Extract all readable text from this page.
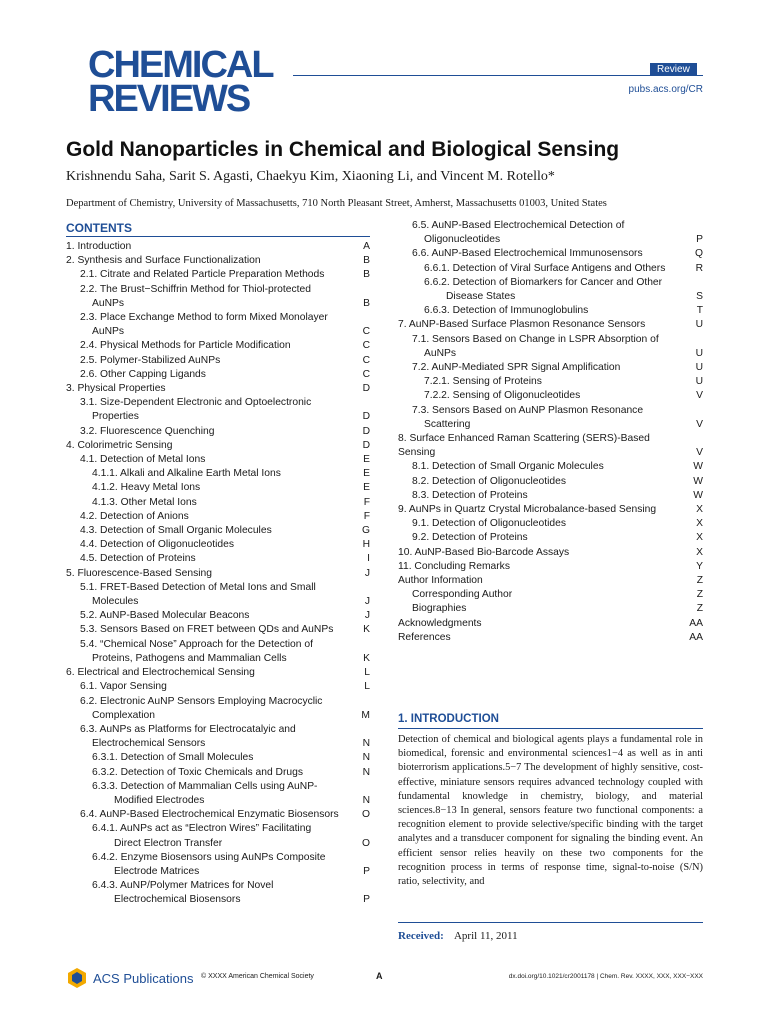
CHEMICAL
REVIEWS
Review
pubs.acs.org/CR
Gold Nanoparticles in Chemical and Biological Sensing
Krishnendu Saha, Sarit S. Agasti, Chaekyu Kim, Xiaoning Li, and Vincent M. Rotello*
Department of Chemistry, University of Massachusetts, 710 North Pleasant Street, Amherst, Massachusetts 01003, United States
CONTENTS
1. Introduction	A
2. Synthesis and Surface Functionalization	B
2.1. Citrate and Related Particle Preparation Methods	B
2.2. The Brust−Schiffrin Method for Thiol-protected AuNPs	B
2.3. Place Exchange Method to form Mixed Monolayer AuNPs	C
2.4. Physical Methods for Particle Modification	C
2.5. Polymer-Stabilized AuNPs	C
2.6. Other Capping Ligands	C
3. Physical Properties	D
3.1. Size-Dependent Electronic and Optoelectronic Properties	D
3.2. Fluorescence Quenching	D
4. Colorimetric Sensing	D
4.1. Detection of Metal Ions	E
4.1.1. Alkali and Alkaline Earth Metal Ions	E
4.1.2. Heavy Metal Ions	E
4.1.3. Other Metal Ions	F
4.2. Detection of Anions	F
4.3. Detection of Small Organic Molecules	G
4.4. Detection of Oligonucleotides	H
4.5. Detection of Proteins	I
5. Fluorescence-Based Sensing	J
5.1. FRET-Based Detection of Metal Ions and Small Molecules	J
5.2. AuNP-Based Molecular Beacons	J
5.3. Sensors Based on FRET between QDs and AuNPs	K
5.4. “Chemical Nose” Approach for the Detection of Proteins, Pathogens and Mammalian Cells	K
6. Electrical and Electrochemical Sensing	L
6.1. Vapor Sensing	L
6.2. Electronic AuNP Sensors Employing Macrocyclic Complexation	M
6.3. AuNPs as Platforms for Electrocatalyic and Electrochemical Sensors	N
6.3.1. Detection of Small Molecules	N
6.3.2. Detection of Toxic Chemicals and Drugs	N
6.3.3. Detection of Mammalian Cells using AuNP-Modified Electrodes	N
6.4. AuNP-Based Electrochemical Enzymatic Biosensors	O
6.4.1. AuNPs act as “Electron Wires” Facilitating Direct Electron Transfer	O
6.4.2. Enzyme Biosensors using AuNPs Composite Electrode Matrices	P
6.4.3. AuNP/Polymer Matrices for Novel Electrochemical Biosensors	P
6.5. AuNP-Based Electrochemical Detection of Oligonucleotides	P
6.6. AuNP-Based Electrochemical Immunosensors	Q
6.6.1. Detection of Viral Surface Antigens and Others	R
6.6.2. Detection of Biomarkers for Cancer and Other Disease States	S
6.6.3. Detection of Immunoglobulins	T
7. AuNP-Based Surface Plasmon Resonance Sensors	U
7.1. Sensors Based on Change in LSPR Absorption of AuNPs	U
7.2. AuNP-Mediated SPR Signal Amplification	U
7.2.1. Sensing of Proteins	U
7.2.2. Sensing of Oligonucleotides	V
7.3. Sensors Based on AuNP Plasmon Resonance Scattering	V
8. Surface Enhanced Raman Scattering (SERS)-Based Sensing	V
8.1. Detection of Small Organic Molecules	W
8.2. Detection of Oligonucleotides	W
8.3. Detection of Proteins	W
9. AuNPs in Quartz Crystal Microbalance-based Sensing	X
9.1. Detection of Oligonucleotides	X
9.2. Detection of Proteins	X
10. AuNP-Based Bio-Barcode Assays	X
11. Concluding Remarks	Y
Author Information	Z
Corresponding Author	Z
Biographies	Z
Acknowledgments	AA
References	AA
1. INTRODUCTION
Detection of chemical and biological agents plays a fundamental role in biomedical, forensic and environmental sciences1−4 as well as in anti bioterrorism applications.5−7 The development of highly sensitive, cost-effective, miniature sensors requires advanced technology coupled with fundamental knowledge in chemistry, biology, and material sciences.8−13 In general, sensors feature two functional components: a recognition element to provide selective/specific binding with the target analytes and a transducer component for signaling the binding event. An efficient sensor relies heavily on these two components for the recognition process in terms of response time, signal-to-noise (S/N) ratio, selectivity, and
Received: April 11, 2011
ACS Publications © XXXX American Chemical Society	A	dx.doi.org/10.1021/cr2001178 | Chem. Rev. XXXX, XXX, XXX−XXX
